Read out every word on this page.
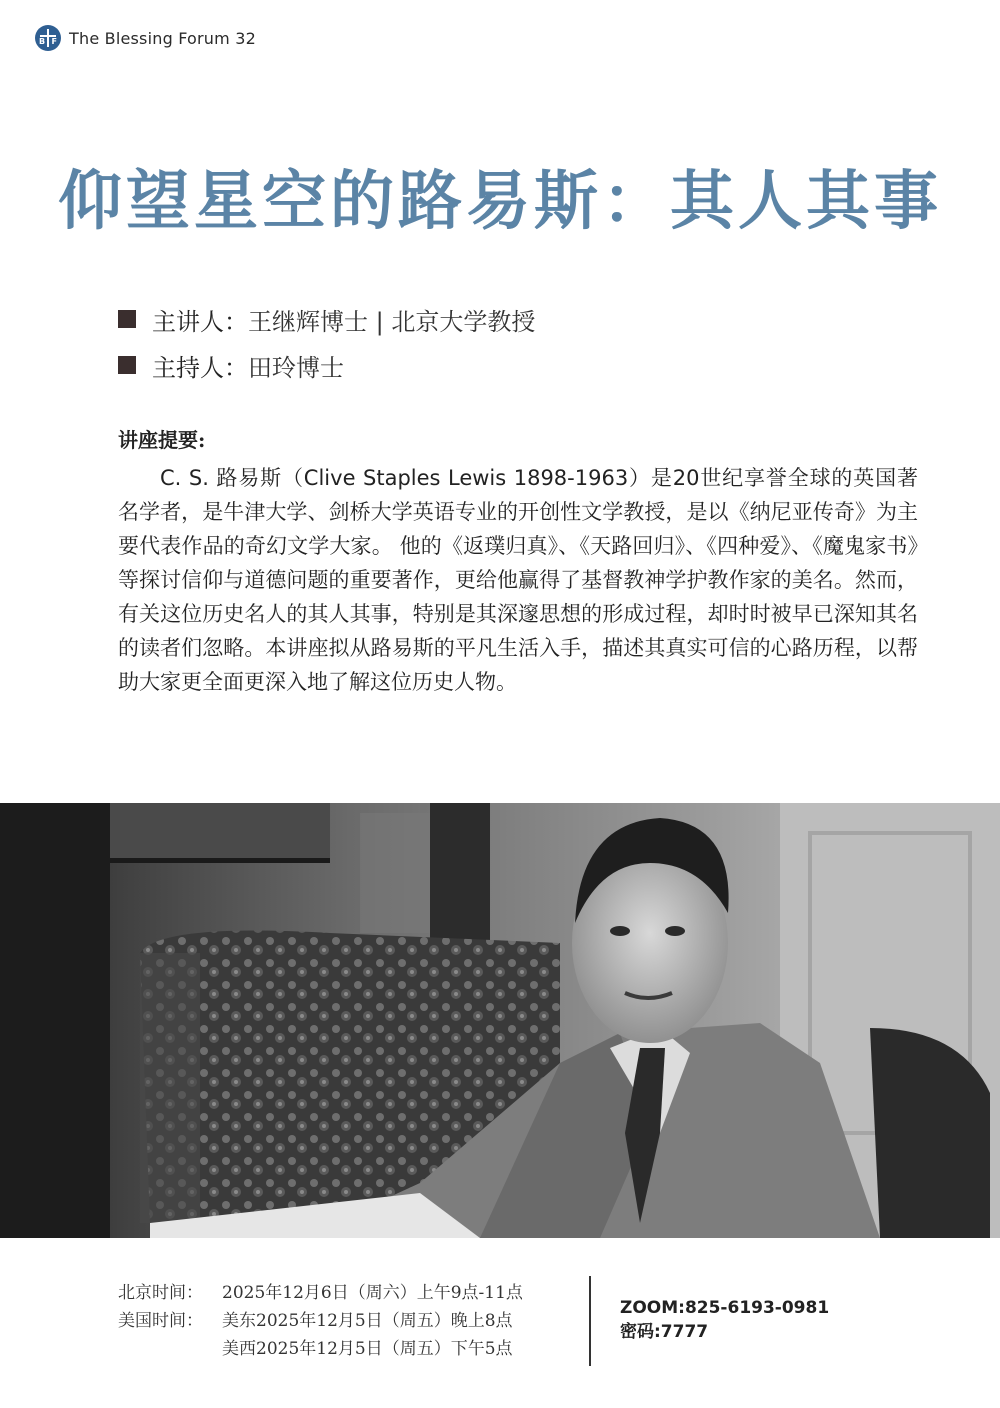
B F The Blessing Forum 32
仰望星空的路易斯：其人其事
主讲人： 王继辉博士 | 北京大学教授
主持人： 田玲博士
讲座提要:
C. S. 路易斯（Clive Staples Lewis 1898-1963）是20世纪享誉全球的英国著名学者，是牛津大学、剑桥大学英语专业的开创性文学教授，是以《纳尼亚传奇》为主要代表作品的奇幻文学大家。 他的《返璞归真》、《天路回归》、《四种爱》、《魔鬼家书》等探讨信仰与道德问题的重要著作，更给他赢得了基督教神学护教作家的美名。然而，有关这位历史名人的其人其事，特别是其深邃思想的形成过程，却时时被早已深知其名的读者们忽略。本讲座拟从路易斯的平凡生活入手，描述其真实可信的心路历程，以帮助大家更全面更深入地了解这位历史人物。
北京时间：	2025年12月6日（周六）上午9点-11点
美国时间：	美东2025年12月5日（周五）晚上8点
美西2025年12月5日（周五）下午5点
ZOOM:825-6193-0981
密码:7777
